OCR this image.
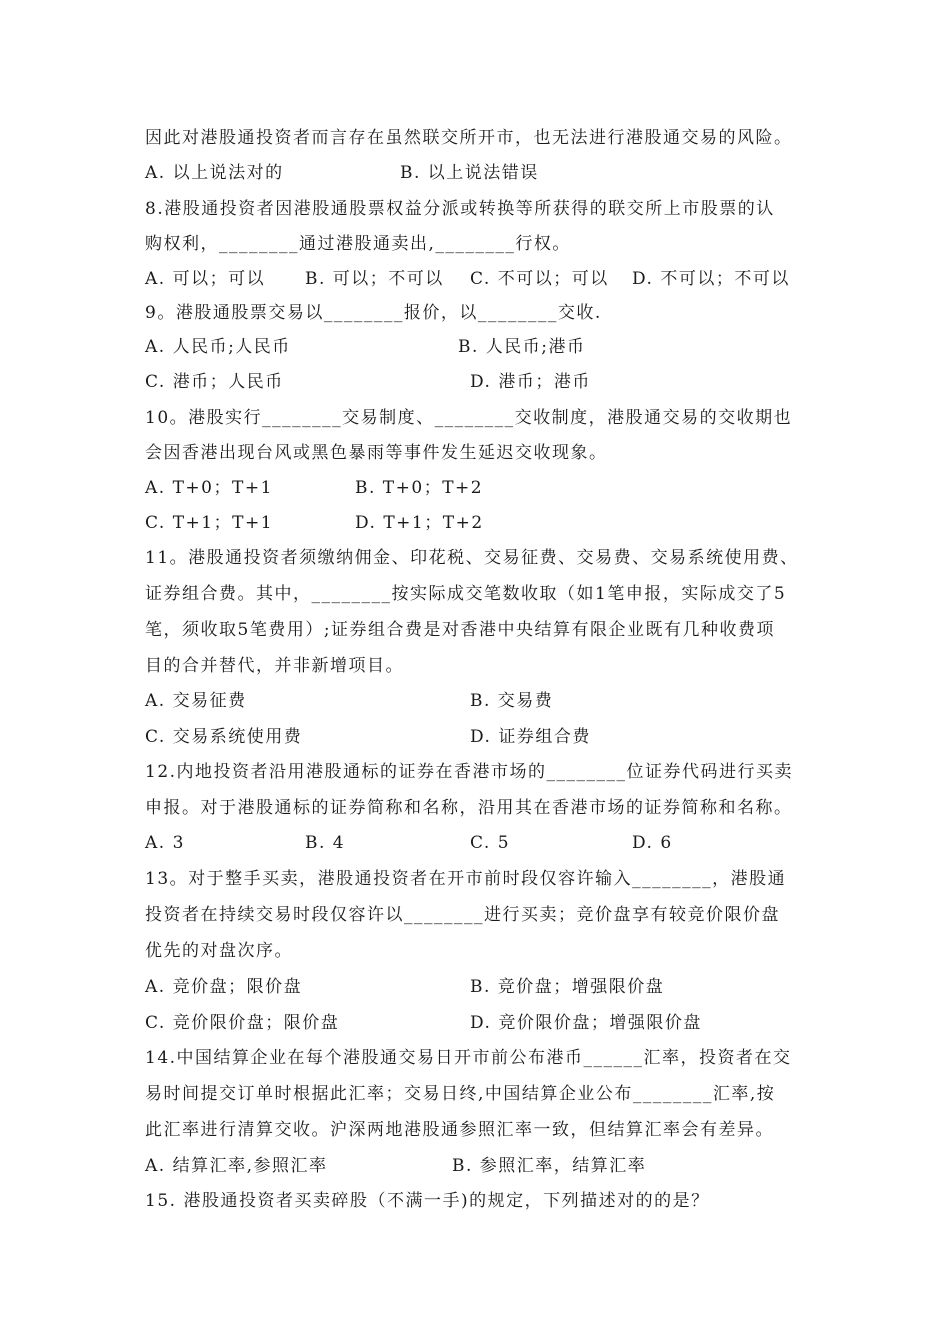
因此对港股通投资者而言存在虽然联交所开市，也无法进行港股通交易的风险。
A. 以上说法对的	B. 以上说法错误
8.港股通投资者因港股通股票权益分派或转换等所获得的联交所上市股票的认
购权利，________通过港股通卖出,________行权。
A. 可以；可以 B. 可以；不可以 C. 不可以；可以 D. 不可以；不可以
9。港股通股票交易以________报价，以________交收.
A. 人民币;人民币	B. 人民币;港币
C. 港币；人民币	D. 港币；港币
10。港股实行________交易制度、________交收制度，港股通交易的交收期也
会因香港出现台风或黑色暴雨等事件发生延迟交收现象。
A. T+0；T+1	B. T+0；T+2
C. T+1；T+1	D. T+1；T+2
11。港股通投资者须缴纳佣金、印花税、交易征费、交易费、交易系统使用费、
证券组合费。其中，________按实际成交笔数收取（如1笔申报，实际成交了5
笔，须收取5笔费用）;证券组合费是对香港中央结算有限企业既有几种收费项
目的合并替代，并非新增项目。
A. 交易征费	B. 交易费
C. 交易系统使用费	D. 证券组合费
12.内地投资者沿用港股通标的证券在香港市场的________位证券代码进行买卖
申报。对于港股通标的证券简称和名称，沿用其在香港市场的证券简称和名称。
A. 3	B. 4	C. 5	D. 6
13。对于整手买卖，港股通投资者在开市前时段仅容许输入________，港股通
投资者在持续交易时段仅容许以________进行买卖；竞价盘享有较竞价限价盘
优先的对盘次序。
A. 竞价盘；限价盘	B. 竞价盘；增强限价盘
C. 竞价限价盘；限价盘	D. 竞价限价盘；增强限价盘
14.中国结算企业在每个港股通交易日开市前公布港币______汇率，投资者在交
易时间提交订单时根据此汇率；交易日终,中国结算企业公布________汇率,按
此汇率进行清算交收。沪深两地港股通参照汇率一致，但结算汇率会有差异。
A. 结算汇率,参照汇率	B. 参照汇率，结算汇率
15. 港股通投资者买卖碎股（不满一手)的规定，下列描述对的的是？
